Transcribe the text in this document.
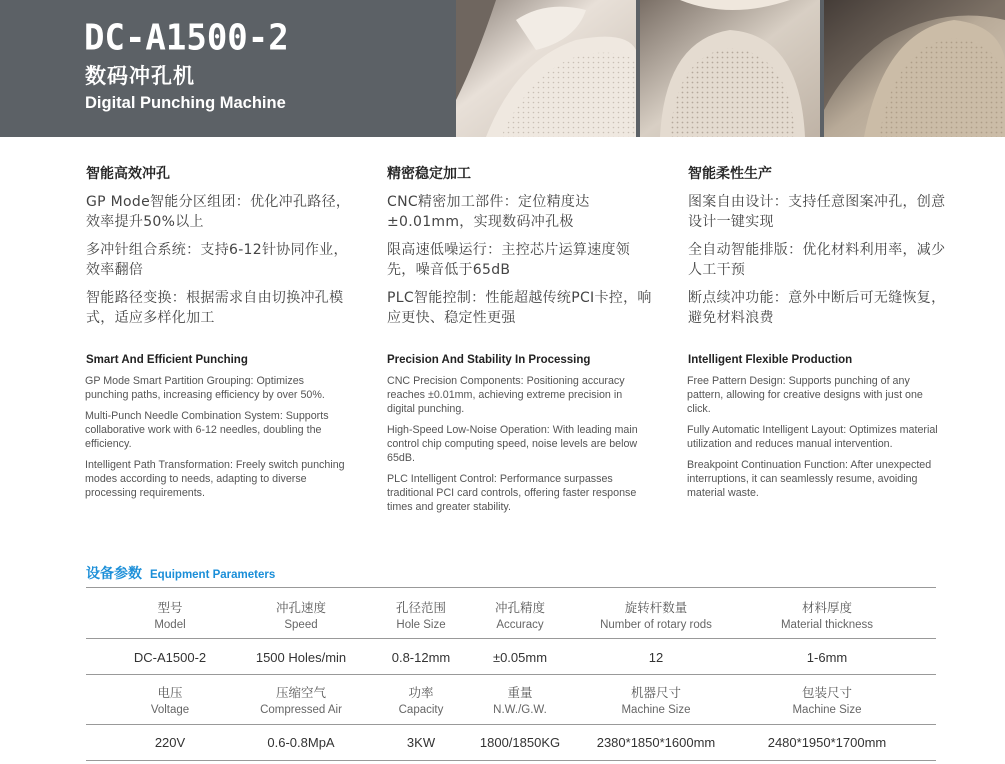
DC-A1500-2
数码冲孔机
Digital Punching Machine
智能高效冲孔
GP Mode智能分区组团：优化冲孔路径，效率提升50%以上
多冲针组合系统：支持6-12针协同作业，效率翻倍
智能路径变换：根据需求自由切换冲孔模式，适应多样化加工
Smart And Efficient Punching
GP Mode Smart Partition Grouping: Optimizes punching paths, increasing efficiency by over 50%.
Multi-Punch Needle Combination System: Supports collaborative work with 6-12 needles, doubling the efficiency.
Intelligent Path Transformation: Freely switch punching modes according to needs, adapting to diverse processing requirements.
精密稳定加工
CNC精密加工部件：定位精度达±0.01mm，实现数码冲孔极
限高速低噪运行：主控芯片运算速度领先，噪音低于65dB
PLC智能控制：性能超越传统PCI卡控，响应更快、稳定性更强
Precision And Stability In Processing
CNC Precision Components: Positioning accuracy reaches ±0.01mm, achieving extreme precision in digital punching.
High-Speed Low-Noise Operation: With leading main control chip computing speed, noise levels are below 65dB.
PLC Intelligent Control: Performance surpasses traditional PCI card controls, offering faster response times and greater stability.
智能柔性生产
图案自由设计：支持任意图案冲孔，创意设计一键实现
全自动智能排版：优化材料利用率，减少人工干预
断点续冲功能：意外中断后可无缝恢复，避免材料浪费
Intelligent Flexible Production
Free Pattern Design: Supports punching of any pattern, allowing for creative designs with just one click.
Fully Automatic Intelligent Layout: Optimizes material utilization and reduces manual intervention.
Breakpoint Continuation Function: After unexpected interruptions, it can seamlessly resume, avoiding material waste.
设备参数 Equipment Parameters
型号	冲孔速度	孔径范围	冲孔精度	旋转杆数量	材料厚度
Model	Speed	Hole Size	Accuracy	Number of rotary rods	Material thickness
DC-A1500-2	1500 Holes/min	0.8-12mm	±0.05mm	12	1-6mm
电压	压缩空气	功率	重量	机器尺寸	包装尺寸
Voltage	Compressed Air	Capacity	N.W./G.W.	Machine Size	Machine Size
220V	0.6-0.8MpA	3KW	1800/1850KG	2380*1850*1600mm	2480*1950*1700mm
